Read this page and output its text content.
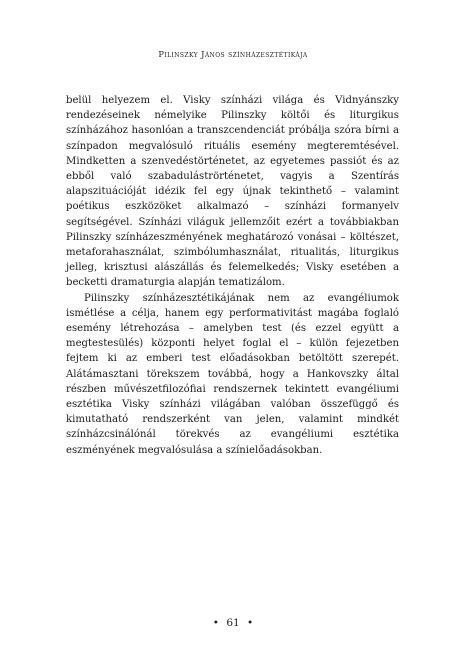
Pilinszky János színházesztétikája

belül helyezem el. Visky színházi világa és Vidnyánszky rendezéseinek némelyike Pilinszky költői és liturgikus színházához hasonlóan a transzcendenciát próbálja szóra bírni a színpadon megvalósuló rituális esemény megteremtésével. Mindketten a szenvedéstörténetet, az egyetemes passiót és az ebből való szabaduláströrténetet, vagyis a Szentírás alapszituációját idézik fel egy újnak tekinthető – valamint poétikus eszközöket alkalmazó – színházi formanyelv segítségével. Színházi világuk jellemzőit ezért a továbbiakban Pilinszky színházeszményének meghatározó vonásai – költészet, metaforahasználat, szimbólumhasználat, ritualitás, liturgikus jelleg, krisztusi alászállás és felemelkedés; Visky esetében a becketti dramaturgia alapján tematizálom.

Pilinszky színházesztétikájának nem az evangéliumok ismétlése a célja, hanem egy performativitást magába foglaló esemény létrehozása – amelyben test (és ezzel együtt a megtestesülés) központi helyet foglal el – külön fejezetben fejtem ki az emberi test előadásokban betöltött szerepét. Alátámasztani törekszem továbbá, hogy a Hankovszky által részben művészetfilozófiai rendszernek tekintett evangéliumi esztétika Visky színházi világában valóban összefüggő és kimutatható rendszerként van jelen, valamint mindkét színházcsinálónál törekvés az evangéliumi esztétika eszményének megvalósulása a színielőadásokban.

• 61 •
